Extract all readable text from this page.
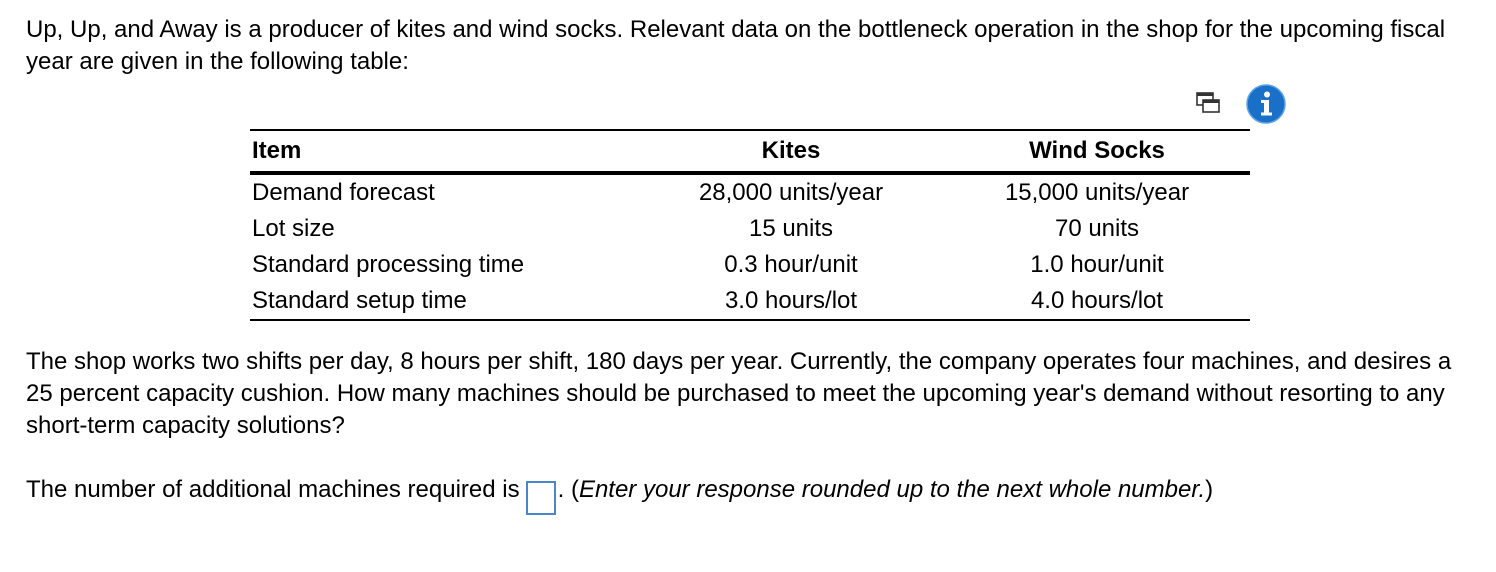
Up, Up, and Away is a producer of kites and wind socks. Relevant data on the bottleneck operation in the shop for the upcoming fiscal year are given in the following table:

Item	Kites	Wind Socks
Demand forecast	28,000 units/year	15,000 units/year
Lot size	15 units	70 units
Standard processing time	0.3 hour/unit	1.0 hour/unit
Standard setup time	3.0 hours/lot	4.0 hours/lot

The shop works two shifts per day, 8 hours per shift, 180 days per year. Currently, the company operates four machines, and desires a 25 percent capacity cushion. How many machines should be purchased to meet the upcoming year's demand without resorting to any short-term capacity solutions?

The number of additional machines required is . (Enter your response rounded up to the next whole number.)
